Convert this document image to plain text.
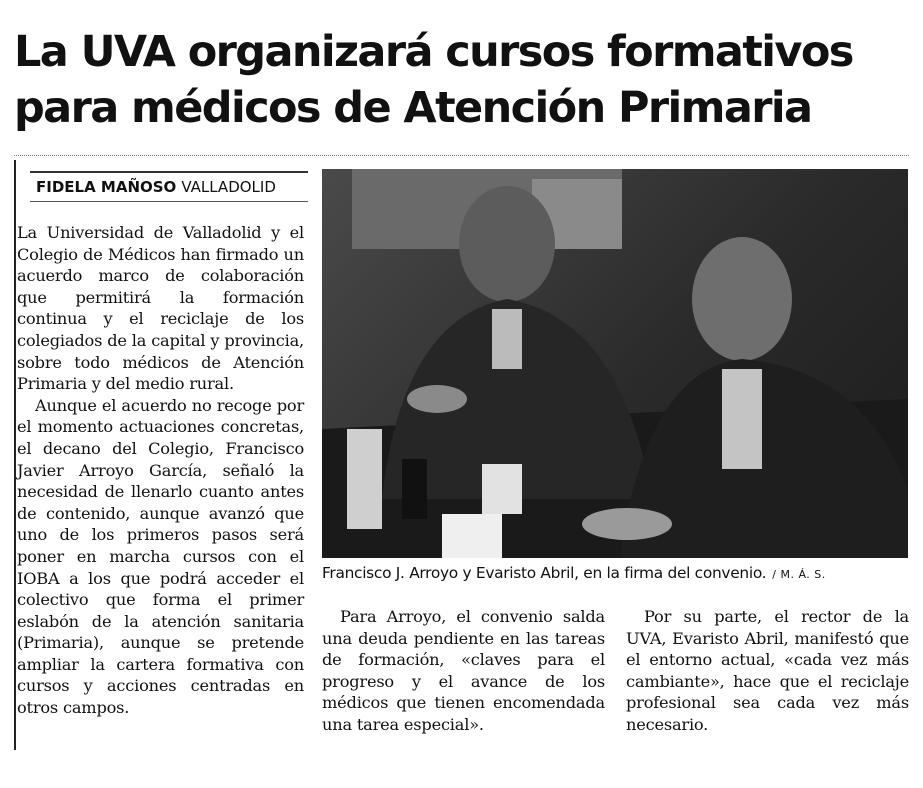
La UVA organizará cursos formativos
para médicos de Atención Primaria
FIDELA MAÑOSO VALLADOLID

La Universidad de Valladolid y el Colegio de Médicos han firmado un acuerdo marco de colaboración que permitirá la formación continua y el reciclaje de los colegiados de la capital y provincia, sobre todo médicos de Atención Primaria y del medio rural.

Aunque el acuerdo no recoge por el momento actuaciones concretas, el decano del Colegio, Francisco Javier Arroyo García, señaló la necesidad de llenarlo cuanto antes de contenido, aunque avanzó que uno de los primeros pasos será poner en marcha cursos con el IOBA a los que podrá acceder el colectivo que forma el primer eslabón de la atención sanitaria (Primaria), aunque se pretende ampliar la cartera formativa con cursos y acciones centradas en otros campos.

Francisco J. Arroyo y Evaristo Abril, en la firma del convenio. / M. Á. S.

Para Arroyo, el convenio salda una deuda pendiente en las tareas de formación, «claves para el progreso y el avance de los médicos que tienen encomendada una tarea especial».

Por su parte, el rector de la UVA, Evaristo Abril, manifestó que el entorno actual, «cada vez más cambiante», hace que el reciclaje profesional sea cada vez más necesario.
